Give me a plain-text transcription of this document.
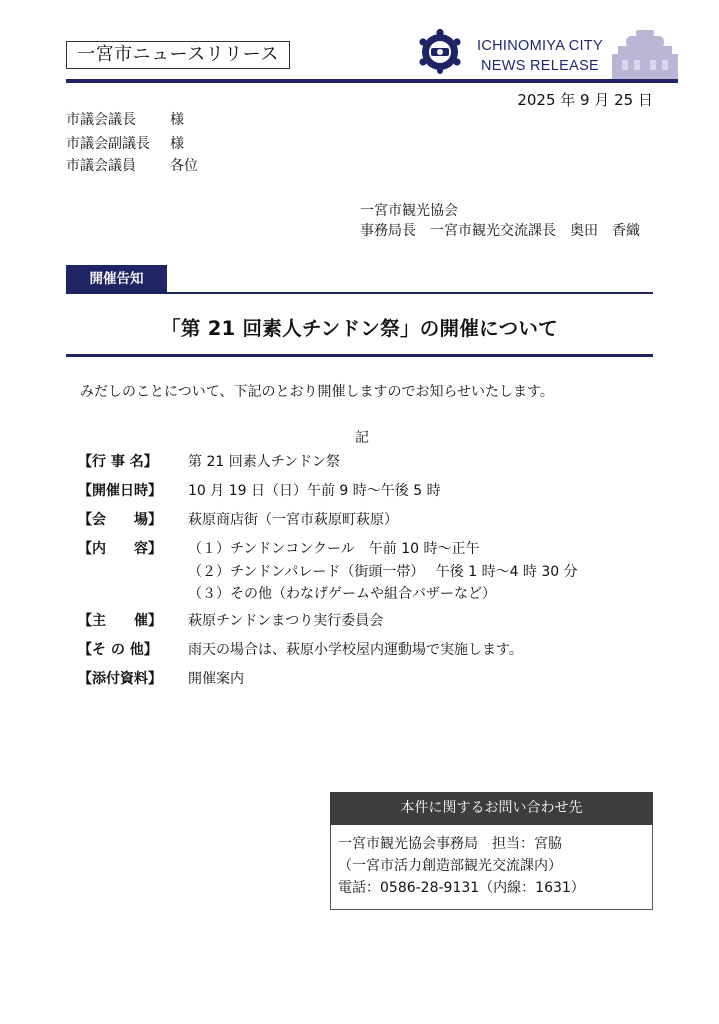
一宮市ニュースリリース	ICHINOMIYA CITY
NEWS RELEASE
2025 年 9 月 25 日
市議会議長 様
市議会副議長 様
市議会議員 各位
一宮市観光協会
事務局長　一宮市観光交流課長　奥田　香織
開催告知
「第 21 回素人チンドン祭」の開催について
みだしのことについて、下記のとおり開催しますのでお知らせいたします。
記
【行 事 名】 第 21 回素人チンドン祭
【開催日時】 10 月 19 日（日）午前 9 時～午後 5 時
【会　　場】 萩原商店街（一宮市萩原町萩原）
【内　　容】 （１）チンドンコンクール　午前 10 時～正午
（２）チンドンパレード（街頭一帯）　 午後 1 時～4 時 30 分
（３）その他（わなげゲームや組合バザーなど）
【主　　催】 萩原チンドンまつり実行委員会
【そ の 他】 雨天の場合は、萩原小学校屋内運動場で実施します。
【添付資料】 開催案内
本件に関するお問い合わせ先
一宮市観光協会事務局　担当：宮脇
（一宮市活力創造部観光交流課内）
電話：0586-28-9131（内線：1631）
